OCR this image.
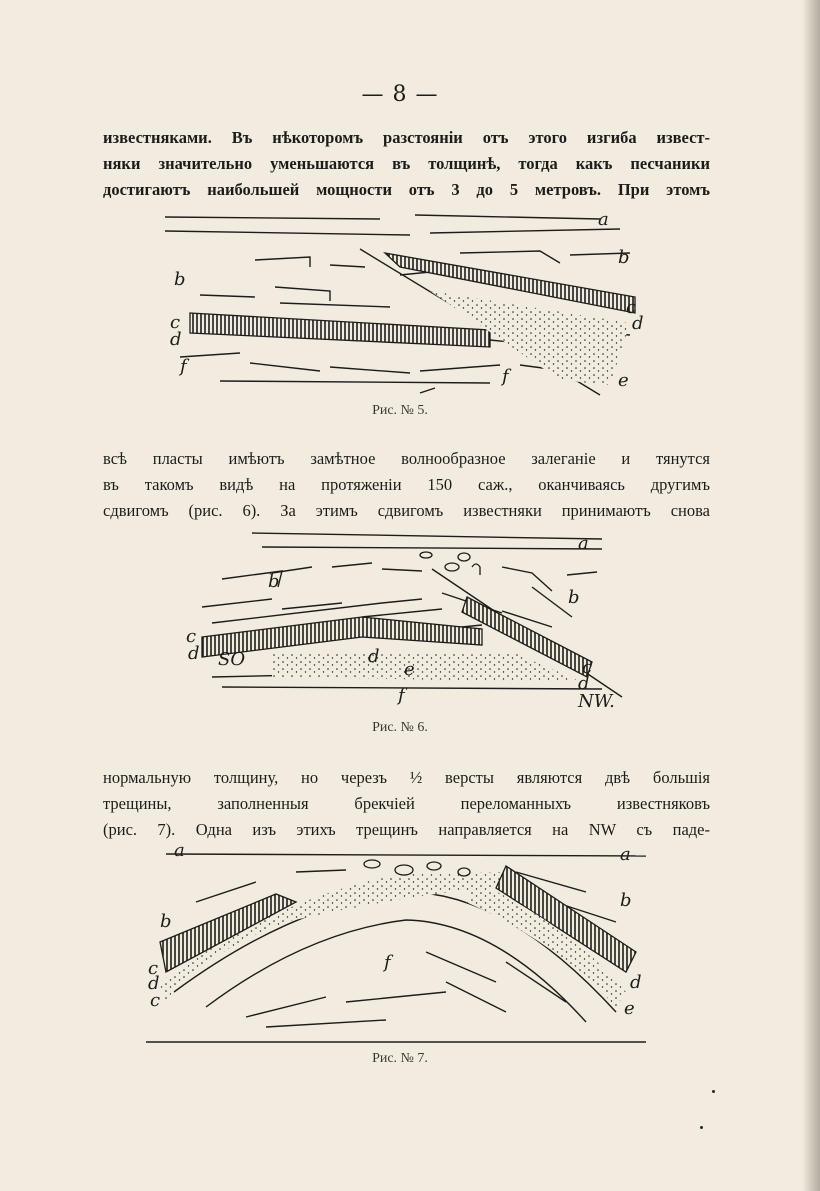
— 8 —
известняками. Въ нѣкоторомъ разстояніи отъ этого изгиба извест-
няки значительно уменьшаются въ толщинѣ, тогда какъ песчаники
достигаютъ наибольшей мощности отъ 3 до 5 метровъ. При этомъ
a
b
b
c
d
c
d
f	f	e
Рис. № 5.
всѣ пласты имѣютъ замѣтное волнообразное залеганіе и тянутся
въ такомъ видѣ на протяженіи 150 саж., оканчиваясь другимъ
сдвигомъ (рис. 6). За этимъ сдвигомъ известняки принимаютъ снова
a
b
b
c
d SO	d
e
f
c
d
NW.
Рис. № 6.
нормальную толщину, но черезъ ½ версты являются двѣ большія
трещины, заполненныя брекчіей переломанныхъ известняковъ
(рис. 7). Одна изъ этихъ трещинъ направляется на NW съ паде-
a	a
b
b
c
d
c
f
d
e
Рис. № 7.
